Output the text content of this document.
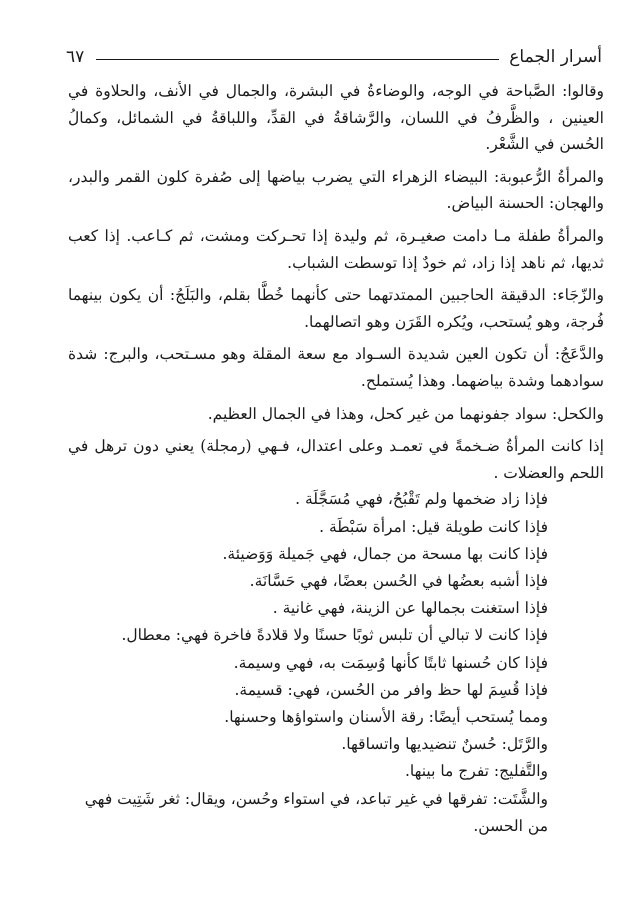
أسرار الجماع
٦٧

وقالوا: الصَّباحة في الوجه، والوضاءةُ في البشرة، والجمال في الأنف، والحلاوة في العينين ، والظَّرفُ في اللسان، والرَّشاقةُ في القدِّ، واللباقةُ في الشمائل، وكمالُ الحُسن في الشَّعْر.

والمرأةُ الرُّعبوبة: البيضاء الزهراء التي يضرب بياضها إلى صُفرة كلون القمر والبدر، والهجان: الحسنة البياض.

والمرأةُ طفلة مـا دامت صغيـرة، ثم وليدة إذا تحـركت ومشت، ثم كـاعب. إذا كعب ثديها، ثم ناهد إذا زاد، ثم خودٌ إذا توسطت الشباب.

والزّجَاء: الدقيقة الحاجبين الممتدتهما حتى كأنهما خُطَّا بقلم، والبَلَجُ: أن يكون بينهما فُرجة، وهو يُستحب، ويُكره القَرَن وهو اتصالهما.

والدَّعَجُ: أن تكون العين شديدة السـواد مع سعة المقلة وهو مسـتحب، والبرج: شدة سوادهما وشدة بياضهما. وهذا يُستملح.

والكحل: سواد جفونهما من غير كحل، وهذا في الجمال العظيم.

إذا كانت المرأةُ ضـخمةً في تعمـد وعلى اعتدال، فـهي (رمجلة) يعني دون ترهل في اللحم والعضلات .

فإذا زاد ضخمها ولم تَقْبُحُ، فهي مُسَجَّلَة .

فإذا كانت طويلة قيل: امرأة سَبْطَة .

فإذا كانت بها مسحة من جمال، فهي جَميلة وَوَضيئة.

فإذا أشبه بعضُها في الحُسن بعضًا، فهي حَسَّانَة.

فإذا استغنت بجمالها عن الزينة، فهي غانية .

فإذا كانت لا تبالي أن تلبس ثوبًا حسنًا ولا قلادةً فاخرة فهي: معطال.

فإذا كان حُسنها ثابتًا كأنها وُسِمَت به، فهي وسيمة.

فإذا قُسِمَ لها حظ وافر من الحُسن، فهي: قسيمة.

ومما يُستحب أيضًا: رقة الأسنان واستواؤها وحسنها.

والرَّتَل: حُسنٌ تنضيديها واتساقها.

والتَّفليج: تفرج ما بينها.

والشَّتَت: تفرقها في غير تباعد، في استواء وحُسن، ويقال: ثغر شَتِيت فهي من الحسن.
